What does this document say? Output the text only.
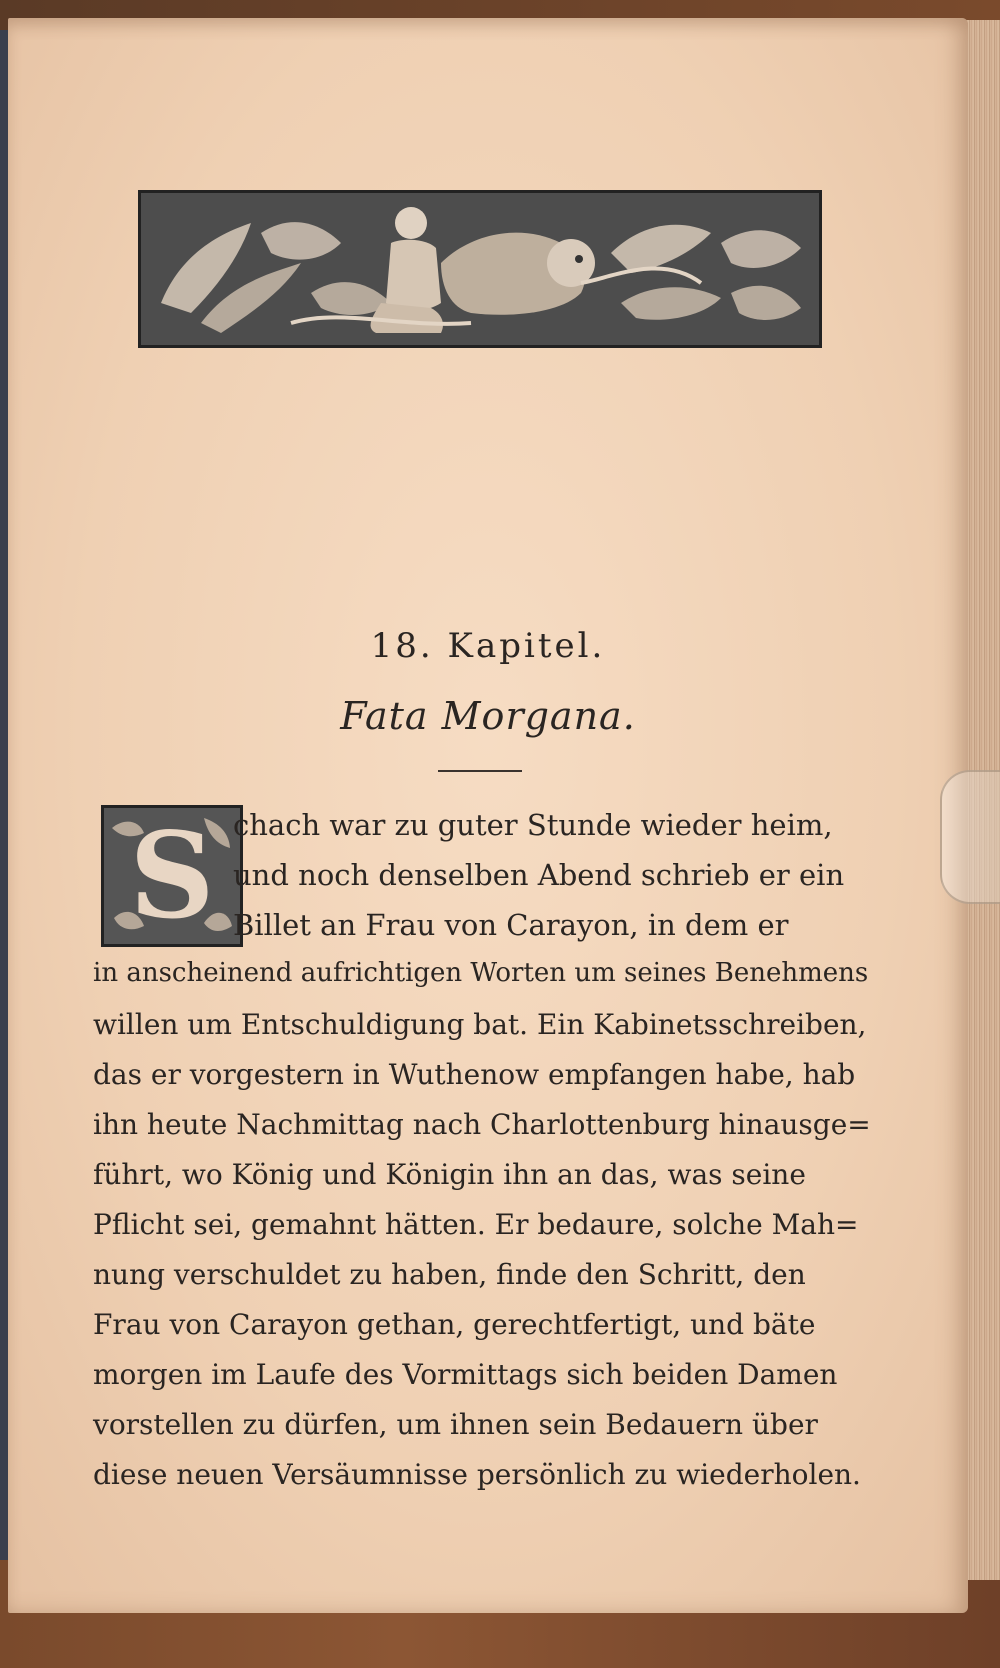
18. Kapitel.
Fata Morgana.
S chach war zu guter Stunde wieder heim,
und noch denselben Abend schrieb er ein
Billet an Frau von Carayon, in dem er
in anscheinend aufrichtigen Worten um seines Benehmens
willen um Entschuldigung bat. Ein Kabinetsschreiben,
das er vorgestern in Wuthenow empfangen habe, hab
ihn heute Nachmittag nach Charlottenburg hinausge=
führt, wo König und Königin ihn an das, was seine
Pflicht sei, gemahnt hätten. Er bedaure, solche Mah=
nung verschuldet zu haben, finde den Schritt, den
Frau von Carayon gethan, gerechtfertigt, und bäte
morgen im Laufe des Vormittags sich beiden Damen
vorstellen zu dürfen, um ihnen sein Bedauern über
diese neuen Versäumnisse persönlich zu wiederholen.
